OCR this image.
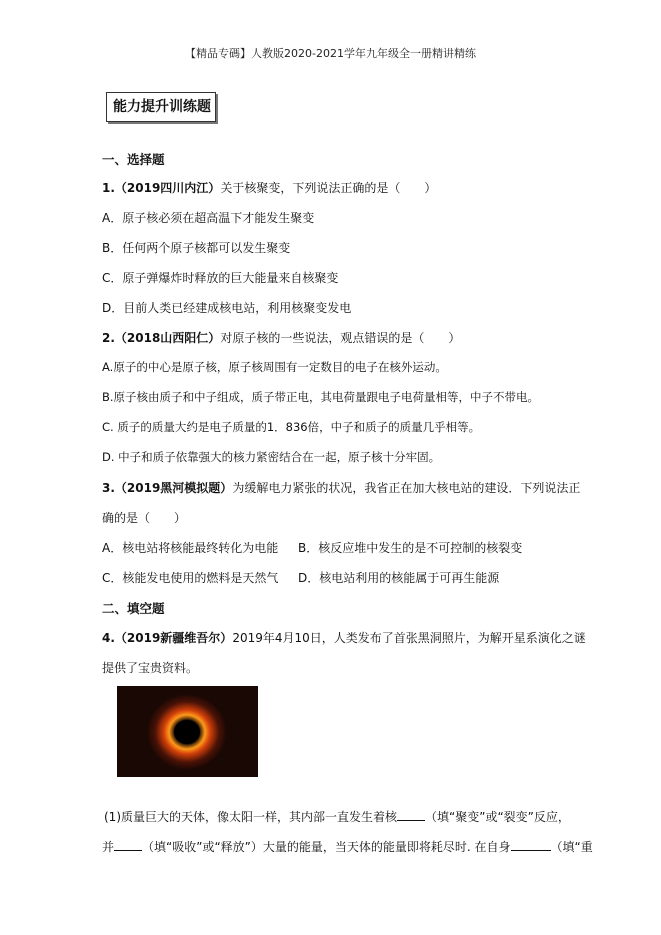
【精品专碼】人教版2020-2021学年九年级全一册精讲精练
能力提升训练题
一、选择题
1.（2019四川内江）关于核聚变，下列说法正确的是（　　）
A．原子核必须在超高温下才能发生聚变
B．任何两个原子核都可以发生聚变
C．原子弹爆炸时释放的巨大能量来自核聚变
D．目前人类已经建成核电站，利用核聚变发电
2.（2018山西阳仁）对原子核的一些说法，观点错误的是（　　）
A.原子的中心是原子核，原子核周围有一定数目的电子在核外运动。
B.原子核由质子和中子组成，质子带正电，其电荷量跟电子电荷量相等，中子不带电。
C. 质子的质量大约是电子质量的1．836倍，中子和质子的质量几乎相等。
D. 中子和质子依靠强大的核力紧密结合在一起，原子核十分牢固。
3.（2019黑河模拟题）为缓解电力紧张的状况，我省正在加大核电站的建设．下列说法正
确的是（　　）
A．核电站将核能最终转化为电能 B．核反应堆中发生的是不可控制的核裂变
C．核能发电使用的燃料是天然气 D．核电站利用的核能属于可再生能源
二、填空题
4.（2019新疆维吾尔）2019年4月10日，人类发布了首张黑洞照片，为解开星系演化之谜
提供了宝贵资料。
(1)质量巨大的天体，像太阳一样，其内部一直发生着核 （填“聚变”或“裂变”反应，
并 （填“吸收”或“释放”）大量的能量，当天体的能量即将耗尽时. 在自身	（填“重
